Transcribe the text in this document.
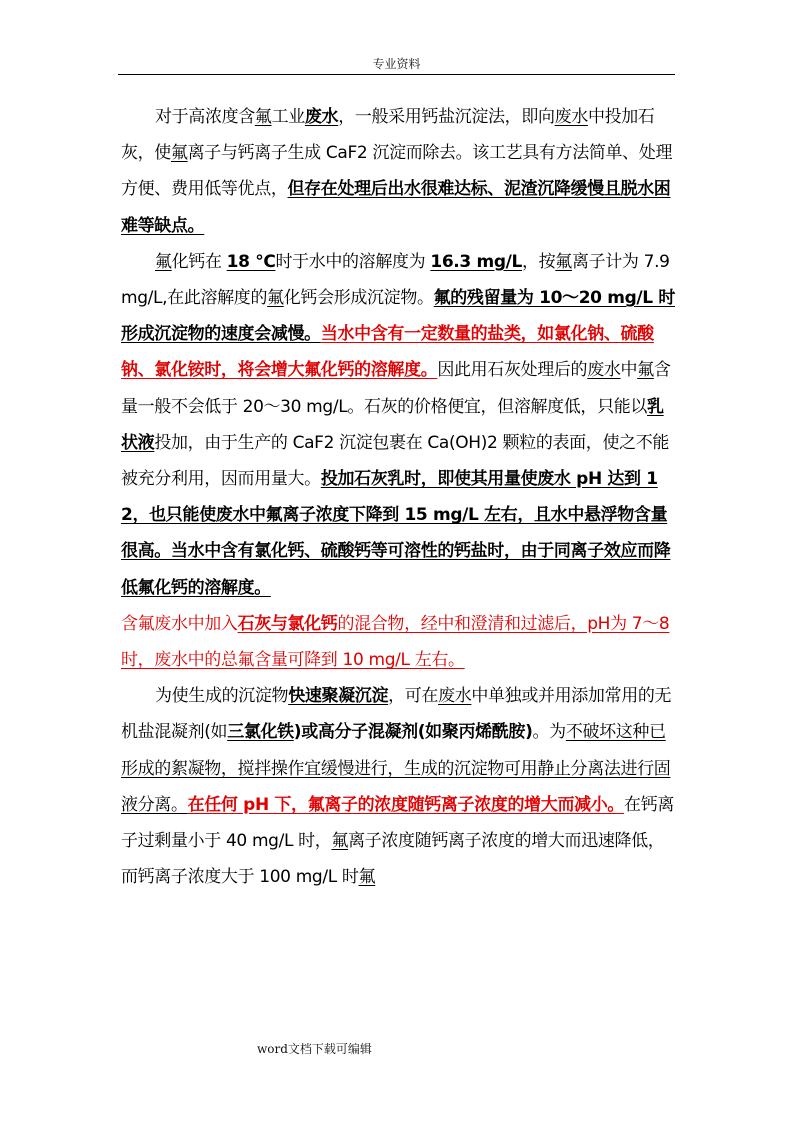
专业资料

对于高浓度含氟工业废水，一般采用钙盐沉淀法，即向废水中投加石灰，使氟离子与钙离子生成 CaF2 沉淀而除去。该工艺具有方法简单、处理方便、费用低等优点，但存在处理后出水很难达标、泥渣沉降缓慢且脱水困难等缺点。

氟化钙在 18 ℃时于水中的溶解度为 16.3 mg/L，按氟离子计为 7.9 mg/L,在此溶解度的氟化钙会形成沉淀物。氟的残留量为 10～20 mg/L 时形成沉淀物的速度会减慢。当水中含有一定数量的盐类，如氯化钠、硫酸钠、氯化铵时，将会增大氟化钙的溶解度。因此用石灰处理后的废水中氟含量一般不会低于 20～30 mg/L。石灰的价格便宜，但溶解度低，只能以乳状液投加，由于生产的 CaF2 沉淀包裹在 Ca(OH)2 颗粒的表面，使之不能被充分利用，因而用量大。投加石灰乳时，即使其用量使废水 pH 达到 12，也只能使废水中氟离子浓度下降到 15 mg/L 左右，且水中悬浮物含量很高。当水中含有氯化钙、硫酸钙等可溶性的钙盐时，由于同离子效应而降低氟化钙的溶解度。

含氟废水中加入石灰与氯化钙的混合物，经中和澄清和过滤后，pH为 7～8 时，废水中的总氟含量可降到 10 mg/L 左右。

为使生成的沉淀物快速聚凝沉淀，可在废水中单独或并用添加常用的无机盐混凝剂(如三氯化铁)或高分子混凝剂(如聚丙烯酰胺)。为不破坏这种已形成的絮凝物，搅拌操作宜缓慢进行，生成的沉淀物可用静止分离法进行固液分离。在任何 pH 下，氟离子的浓度随钙离子浓度的增大而减小。在钙离子过剩量小于 40 mg/L 时，氟离子浓度随钙离子浓度的增大而迅速降低，而钙离子浓度大于 100 mg/L 时氟

word文档下载可编辑
